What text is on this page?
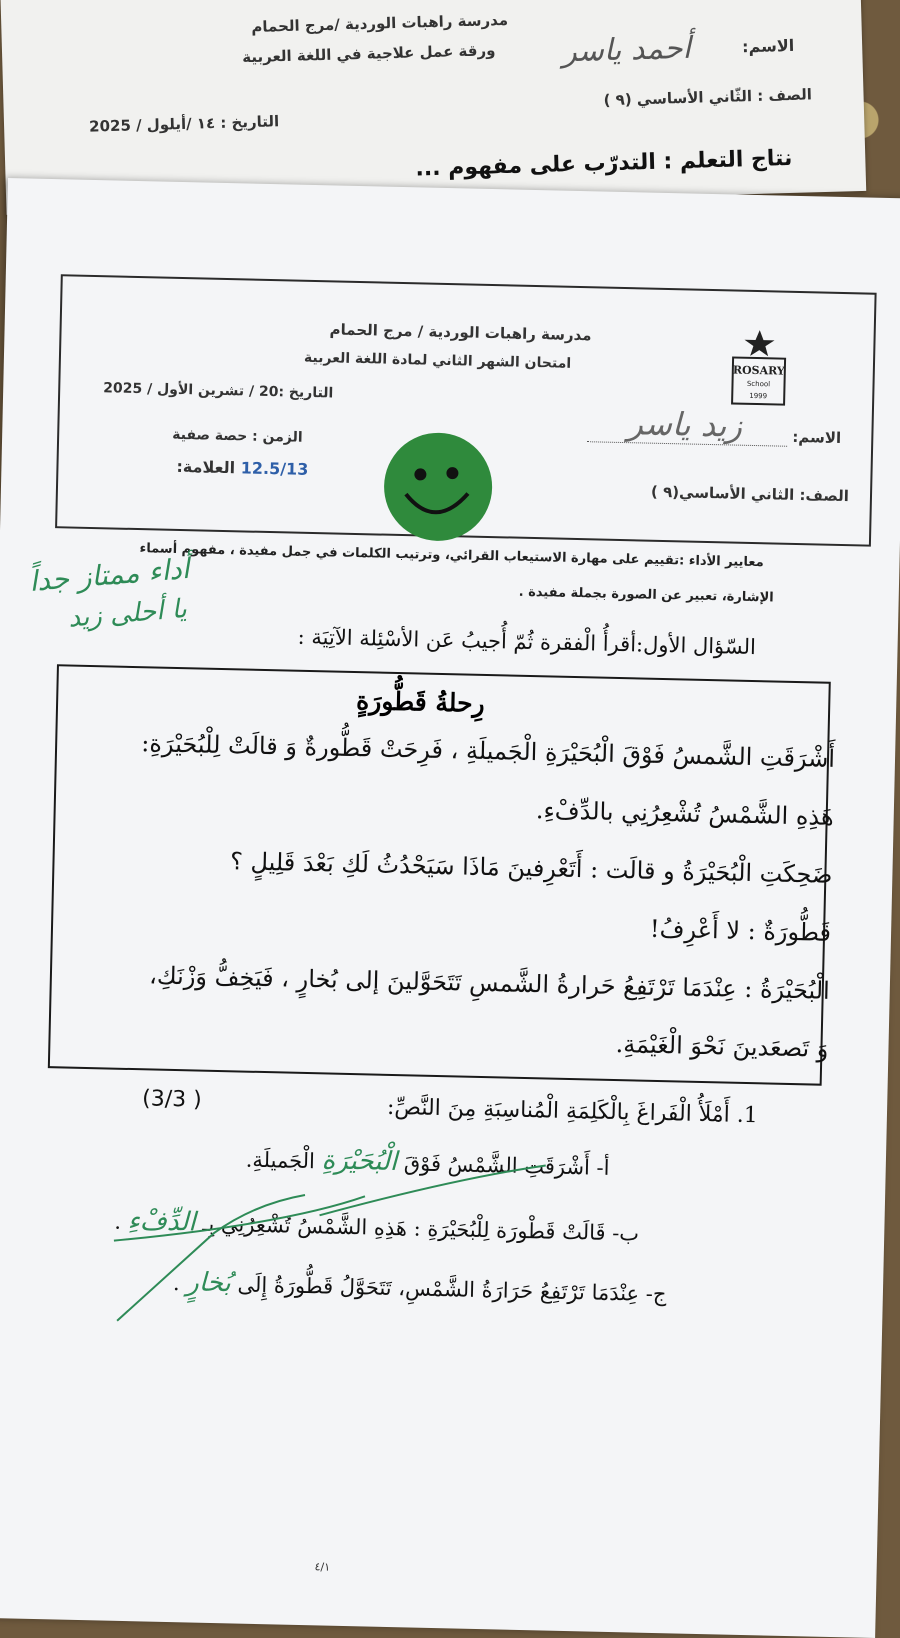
مدرسة راهبات الوردية /مرج الحمام
ورقة عمل علاجية في اللغة العربية	الاسم:
أحمد ياسر
الصف : الثّاني الأساسي (٩ )
التاريخ : ١٤ /أيلول / 2025
نتاج التعلم : التدرّب على مفهوم ...
مدرسة راهبات الوردية / مرج الحمام
امتحان الشهر الثاني لمادة اللغة العربية
التاريخ :20 / تشرين الأول / 2025
الزمن : حصة صفية
12.5/13 العلامة:
ROSARY
School
1999
الاسم:
زيد ياسر
الصف: الثاني الأساسي(٩ )
معايير الأداء :تقييم على مهارة الاستيعاب القرائي، وترتيب الكلمات في جمل مفيدة ، مفهوم أسماء
الإشارة، تعبير عن الصورة بجملة مفيدة .
أداء ممتاز جداً
يا أحلى زيد
السّؤال الأول:أقرأُ الْفقرة ثُمّ أُجيبُ عَن الأسْئِلة الآتِيَة :
رِحلةُ قَطُّورَةٍ
أَشْرَقَتِ الشَّمسُ فَوْقَ الْبُحَيْرَةِ الْجَميلَةِ ، فَرِحَتْ قَطُّورةٌ وَ قالَتْ لِلْبُحَيْرَةِ:
هَذِهِ الشَّمْسُ تُشْعِرُنِي بالدِّفْءِ.
ضَحِكَتِ الْبُحَيْرَةُ و قالَت : أَتَعْرِفينَ مَاذَا سَيَحْدُثُ لَكِ بَعْدَ قَلِيلٍ ؟
قَطُّورَةٌ : لا أَعْرِفُ!
الْبُحَيْرَةُ : عِنْدَمَا تَرْتَفِعُ حَرارةُ الشَّمسِ تَتَحَوَّلينَ إلى بُخارٍ ، فَيَخِفُّ وَزْنَكِ،
وَ تَصعَدينَ نَحْوَ الْغَيْمَةِ.
1. أَمْلَأُ الْفَراغَ بِالْكَلِمَةِ الْمُناسِبَةِ مِنَ النَّصِّ:
(3/3 )
أ- أَشْرَقَتِ الشَّمْسُ فَوْقَ الْبُحَيْرَةِ الْجَميلَةِ.
ب- قَالَتْ قَطْورَة لِلْبُحَيْرَةِ : هَذِهِ الشَّمْسُ تُشْعِرُنِي بِـ الدِّفْءِ .
ج- عِنْدَمَا تَرْتَفِعُ حَرَارَةُ الشَّمْسِ، تَتَحَوَّلُ قَطُّورَةُ إِلَى بُخارٍ .
٤/١
